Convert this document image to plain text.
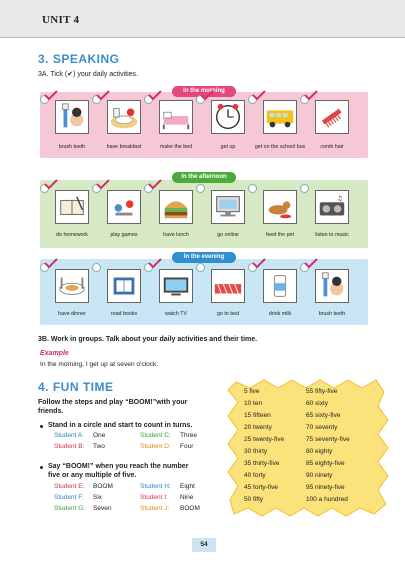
UNIT 4
3. SPEAKING
3A. Tick (✔) your daily activities.
In the morning
In the afternoon
In the evening
brush teeth	have breakfast	make the bed	get up	get on the school bus	comb hair
♫
do homework	play games	have lunch	go online	feed the pet	listen to music
have dinner	read books	watch TV	go to bed	drink milk	brush teeth
3B. Work in groups. Talk about your daily activities and their time.
Example
In the morning, I get up at seven o'clock.
4. FUN TIME
Follow the steps and play “BOOM!”with your
friends.
Stand in a circle and start to count in turns.
Student A: One	Student C: Three
Student B: Two	Student D: Four
Say “BOOM!” when you reach the number
five or any multiple of five.
Student E: BOOM	Student H: Eight
Student F: Six	Student I: Nine
Student G: Seven	Student J: BOOM
5 five
10 ten
15 fifteen
20 twenty
25 twenty-five
30 thirty
35 thirty-five
40 forty
45 forty-five
50 fifty
55 fifty-five
60 sixty
65 sixty-five
70 seventy
75 seventy-five
80 eighty
85 eighty-five
90 ninety
95 ninety-five
100 a hundred
54
